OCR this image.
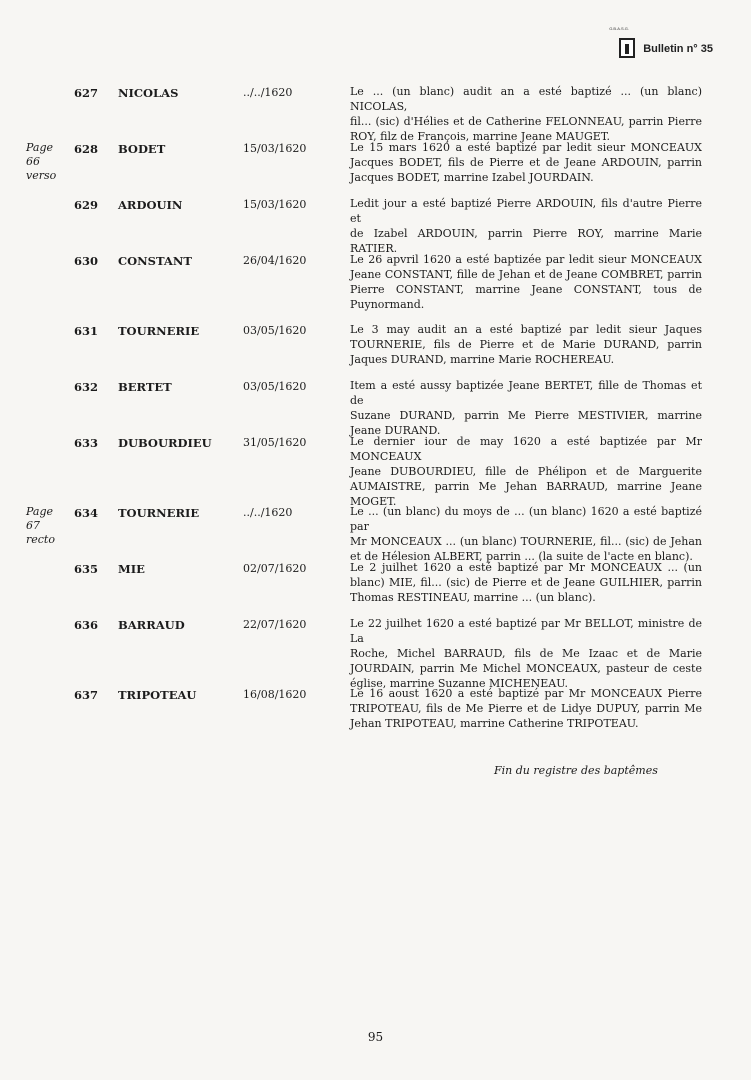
G.B.A.S.G.
Bulletin n° 35
627	NICOLAS	../../1620	Le ... (un blanc) audit an a esté baptizé ... (un blanc) NICOLAS,
fil... (sic) d'Hélies et de Catherine FELONNEAU, parrin Pierre
ROY, filz de François, marrine Jeane MAUGET.
Page 66 verso
628	BODET	15/03/1620	Le 15 mars 1620 a esté baptizé par ledit sieur MONCEAUX
Jacques BODET, fils de Pierre et de Jeane ARDOUIN, parrin
Jacques BODET, marrine Izabel JOURDAIN.
629	ARDOUIN	15/03/1620	Ledit jour a esté baptizé Pierre ARDOUIN, fils d'autre Pierre et
de Izabel ARDOUIN, parrin Pierre ROY, marrine Marie
RATIER.
630	CONSTANT	26/04/1620	Le 26 apvril 1620 a esté baptizée par ledit sieur MONCEAUX
Jeane CONSTANT, fille de Jehan et de Jeane COMBRET, parrin
Pierre CONSTANT, marrine Jeane CONSTANT, tous de
Puynormand.
631	TOURNERIE	03/05/1620	Le 3 may audit an a esté baptizé par ledit sieur Jaques
TOURNERIE, fils de Pierre et de Marie DURAND, parrin
Jaques DURAND, marrine Marie ROCHEREAU.
632	BERTET	03/05/1620	Item a esté aussy baptizée Jeane BERTET, fille de Thomas et de
Suzane DURAND, parrin Me Pierre MESTIVIER, marrine
Jeane DURAND.
633	DUBOURDIEU	31/05/1620	Le dernier iour de may 1620 a esté baptizée par Mr MONCEAUX
Jeane DUBOURDIEU, fille de Phélipon et de Marguerite
AUMAISTRE, parrin Me Jehan BARRAUD, marrine Jeane
MOGET.
Page 67 recto
634	TOURNERIE	../../1620	Le ... (un blanc) du moys de ... (un blanc) 1620 a esté baptizé par
Mr MONCEAUX ... (un blanc) TOURNERIE, fil... (sic) de Jehan
et de Hélesion ALBERT, parrin ... (la suite de l'acte en blanc).
635	MIE	02/07/1620	Le 2 juilhet 1620 a esté baptizé par Mr MONCEAUX ... (un
blanc) MIE, fil... (sic) de Pierre et de Jeane GUILHIER, parrin
Thomas RESTINEAU, marrine ... (un blanc).
636	BARRAUD	22/07/1620	Le 22 juilhet 1620 a esté baptizé par Mr BELLOT, ministre de La
Roche, Michel BARRAUD, fils de Me Izaac et de Marie
JOURDAIN, parrin Me Michel MONCEAUX, pasteur de ceste
église, marrine Suzanne MICHENEAU.
637	TRIPOTEAU	16/08/1620	Le 16 aoust 1620 a esté baptizé par Mr MONCEAUX Pierre
TRIPOTEAU, fils de Me Pierre et de Lidye DUPUY, parrin Me
Jehan TRIPOTEAU, marrine Catherine TRIPOTEAU.
Fin du registre des baptêmes
95
